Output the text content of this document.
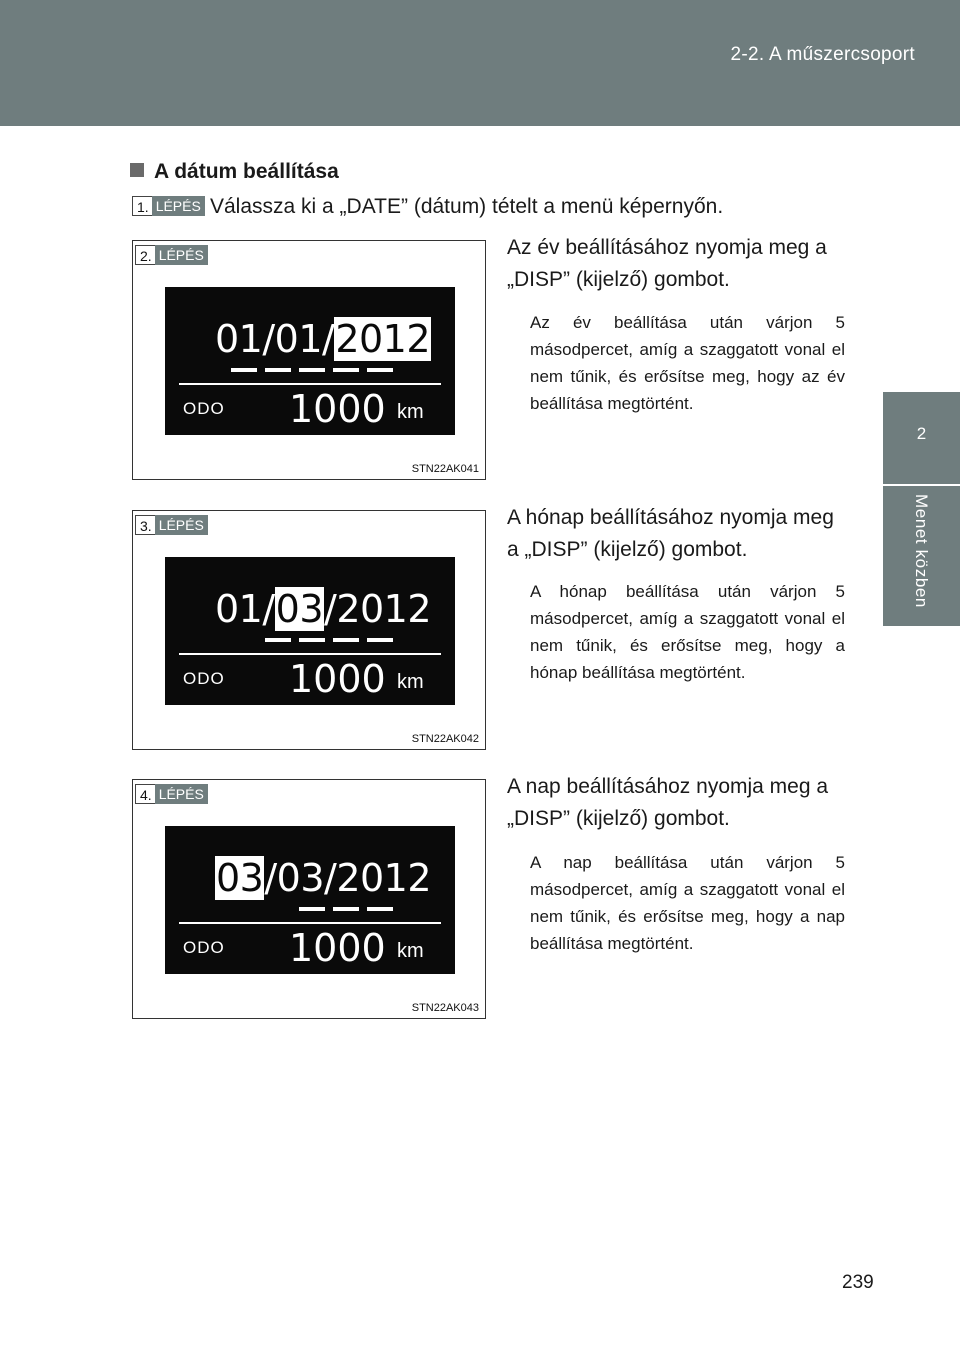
2-2. A műszercsoport
2
Menet közben
A dátum beállítása
1. LÉPÉS Válassza ki a „DATE” (dátum) tételt a menü képernyőn.
2. LÉPÉS
01/01/2012
ODO 1000 km
STN22AK041
Az év beállításához nyomja meg a „DISP” (kijelző) gombot.
Az év beállítása után várjon 5 másodpercet, amíg a szaggatott vonal el nem tűnik, és erősítse meg, hogy az év beállítása megtörtént.
3. LÉPÉS
01/03/2012
ODO 1000 km
STN22AK042
A hónap beállításához nyomja meg a „DISP” (kijelző) gombot.
A hónap beállítása után várjon 5 másodpercet, amíg a szaggatott vonal el nem tűnik, és erősítse meg, hogy a hónap beállítása megtörtént.
4. LÉPÉS
03/03/2012
ODO 1000 km
STN22AK043
A nap beállításához nyomja meg a „DISP” (kijelző) gombot.
A nap beállítása után várjon 5 másodpercet, amíg a szaggatott vonal el nem tűnik, és erősítse meg, hogy a nap beállítása megtörtént.
239
